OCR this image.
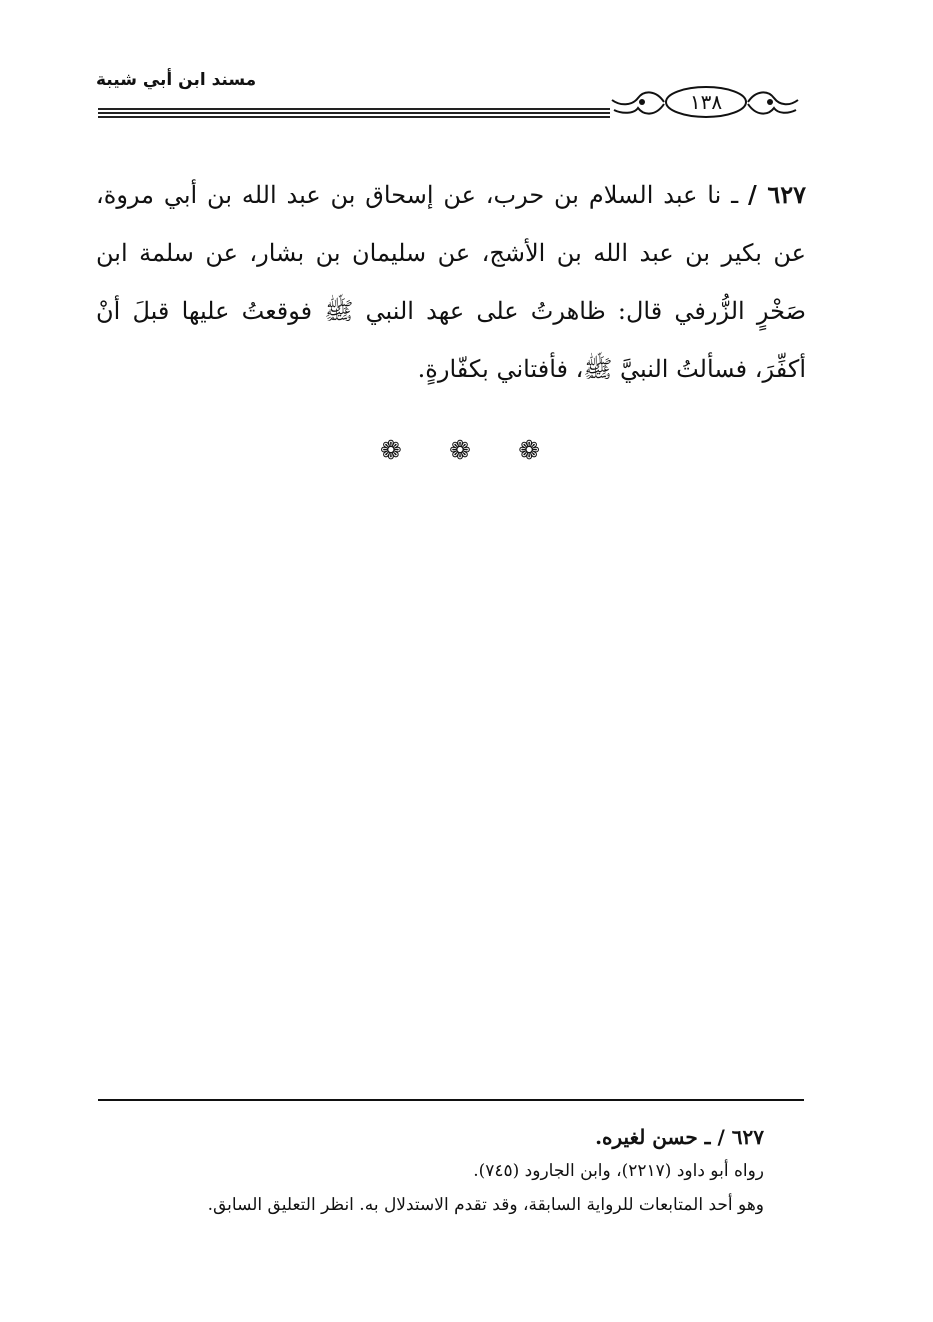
مسند ابن أبي شيبة
١٣٨
٦٢٧ / ـ نا عبد السلام بن حرب، عن إسحاق بن عبد الله بن أبي مروة، عن بكير بن عبد الله بن الأشج، عن سليمان بن بشار، عن سلمة ابن صَخْرٍ الزُّرفي قال: ظاهرتُ على عهد النبي ﷺ فوقعتُ عليها قبلَ أنْ أكفِّرَ، فسألتُ النبيَّ ﷺ، فأفتاني بكفّارةٍ.
❁ ❁ ❁
٦٢٧ / ـ حسن لغيره.
رواه أبو داود (٢٢١٧)، وابن الجارود (٧٤٥).
وهو أحد المتابعات للرواية السابقة، وقد تقدم الاستدلال به. انظر التعليق السابق.
